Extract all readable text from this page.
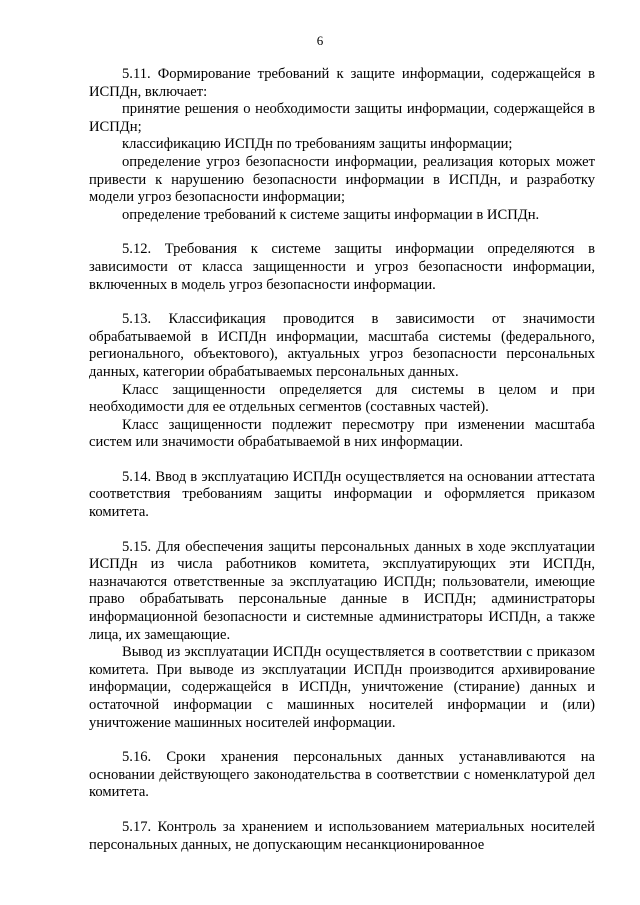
6

5.11. Формирование требований к защите информации, содержащейся в ИСПДн, включает:

принятие решения о необходимости защиты информации, содержащейся в ИСПДн;

классификацию ИСПДн по требованиям защиты информации;

определение угроз безопасности информации, реализация которых может привести к нарушению безопасности информации в ИСПДн, и разработку модели угроз безопасности информации;

определение требований к системе защиты информации в ИСПДн.

5.12. Требования к системе защиты информации определяются в зависимости от класса защищенности и угроз безопасности информации, включенных в модель угроз безопасности информации.

5.13. Классификация проводится в зависимости от значимости обрабатываемой в ИСПДн информации, масштаба системы (федерального, регионального, объектового), актуальных угроз безопасности персональных данных, категории обрабатываемых персональных данных.

Класс защищенности определяется для системы в целом и при необходимости для ее отдельных сегментов (составных частей).

Класс защищенности подлежит пересмотру при изменении масштаба систем или значимости обрабатываемой в них информации.

5.14. Ввод в эксплуатацию ИСПДн осуществляется на основании аттестата соответствия требованиям защиты информации и оформляется приказом комитета.

5.15. Для обеспечения защиты персональных данных в ходе эксплуатации ИСПДн из числа работников комитета, эксплуатирующих эти ИСПДн, назначаются ответственные за эксплуатацию ИСПДн; пользователи, имеющие право обрабатывать персональные данные в ИСПДн; администраторы информационной безопасности и системные администраторы ИСПДн, а также лица, их замещающие.

Вывод из эксплуатации ИСПДн осуществляется в соответствии с приказом комитета. При выводе из эксплуатации ИСПДн производится архивирование информации, содержащейся в ИСПДн, уничтожение (стирание) данных и остаточной информации с машинных носителей информации и (или) уничтожение машинных носителей информации.

5.16. Сроки хранения персональных данных устанавливаются на основании действующего законодательства в соответствии с номенклатурой дел комитета.

5.17. Контроль за хранением и использованием материальных носителей персональных данных, не допускающим несанкционированное
